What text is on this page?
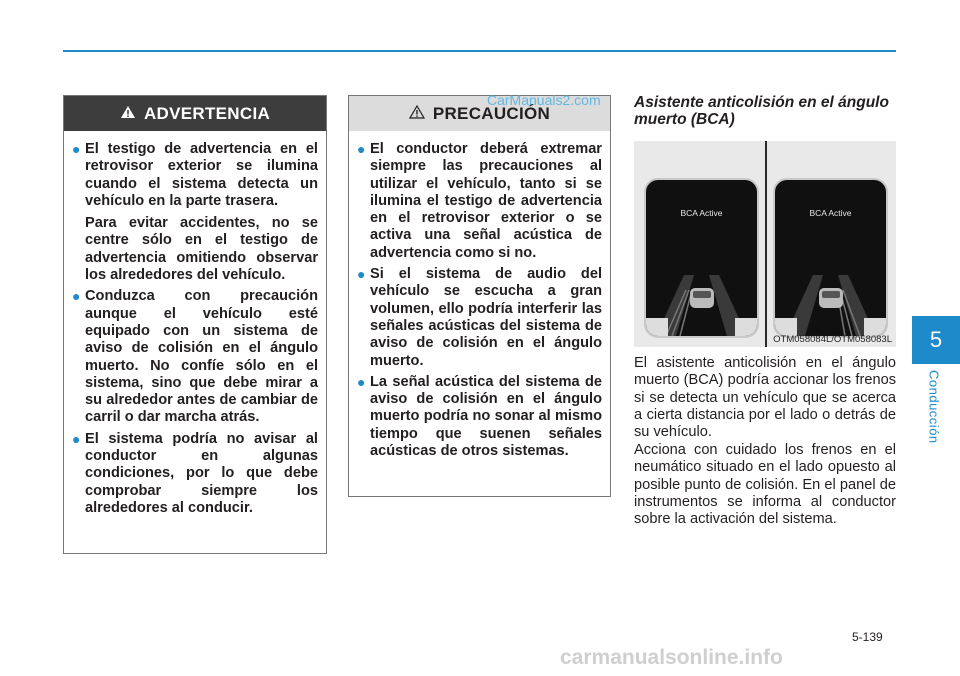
ADVERTENCIA
● El testigo de advertencia en el retrovisor exterior se ilumina cuando el sistema detecta un vehículo en la parte trasera.
Para evitar accidentes, no se centre sólo en el testigo de advertencia omitiendo observar los alrededores del vehículo.
● Conduzca con precaución aunque el vehículo esté equipado con un sistema de aviso de colisión en el ángulo muerto. No confíe sólo en el sistema, sino que debe mirar a su alrededor antes de cambiar de carril o dar marcha atrás.
● El sistema podría no avisar al conductor en algunas condiciones, por lo que debe comprobar siempre los alrededores al conducir.
PRECAUCIÓN
● El conductor deberá extremar siempre las precauciones al utilizar el vehículo, tanto si se ilumina el testigo de advertencia en el retrovisor exterior o se activa una señal acústica de advertencia como si no.
● Si el sistema de audio del vehículo se escucha a gran volumen, ello podría interferir las señales acústicas del sistema de aviso de colisión en el ángulo muerto.
● La señal acústica del sistema de aviso de colisión en el ángulo muerto podría no sonar al mismo tiempo que suenen señales acústicas de otros sistemas.
CarManuals2.com Asistente anticolisión en el ángulo muerto (BCA)
BCA Active	BCA Active
OTM058084L/OTM058083L
El asistente anticolisión en el ángulo muerto (BCA) podría accionar los frenos si se detecta un vehículo que se acerca a cierta distancia por el lado o detrás de su vehículo.
Acciona con cuidado los frenos en el neumático situado en el lado opuesto al posible punto de colisión. En el panel de instrumentos se informa al conductor sobre la activación del sistema.
5
Conducción
5-139
carmanualsonline.info
